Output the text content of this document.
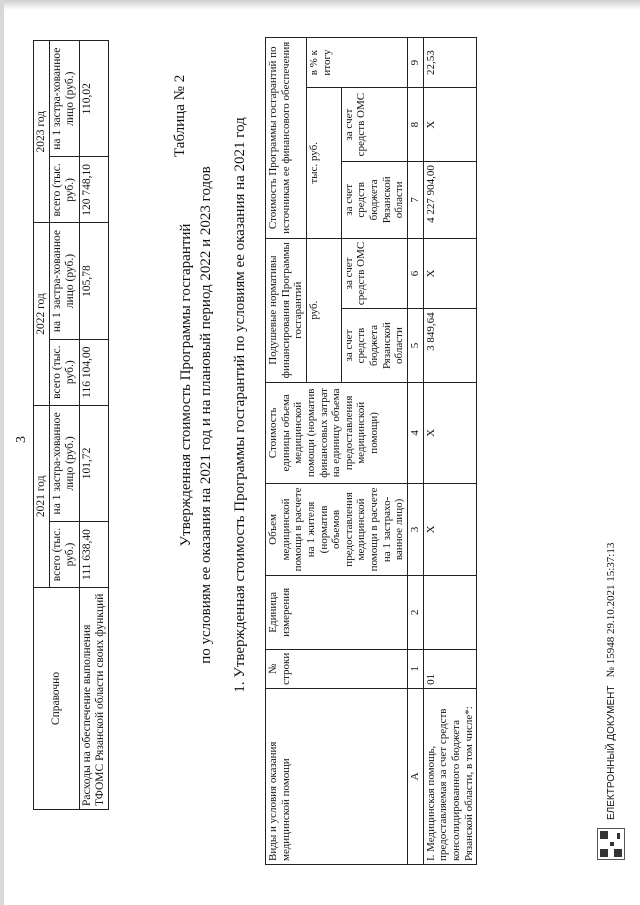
3
Справочно	2021 год		2022 год		2023 год	
	всего (тыс. руб.)	на 1 застра-хованное лицо (руб.)	всего (тыс. руб.)	на 1 застра-хованное лицо (руб.)	всего (тыс. руб.)	на 1 застра-хованное лицо (руб.)
Расходы на обеспечение выполнения ТФОМС Рязанской области своих функций	111 638,40	101,72	116 104,00	105,78	120 748,10	110,02	Таблица № 2
Утвержденная стоимость Программы госгарантий по условиям ее оказания на 2021 год и на плановый период 2022 и 2023 годов 1. Утвержденная стоимость Программы госгарантий по условиям ее оказания на 2021 год
Виды и условия оказания медицинской помощи	№ строки	Единица измерения	Объем медицинской помощи в расчете на 1 жителя (норматив объемов предоставления медицинской помощи в расчете на 1 застрахо-ванное лицо)	Стоимость единицы объема медицинской помощи (норматив финансовых затрат на единицу объема предоставления медицинской помощи)	Подушевые нормативы финансирования Программы госгарантий		Стоимость Программы госгарантий по источникам ее финансового обеспечения		
					руб.		тыс. руб.		в % к итогу
					за счет средств бюджета Рязанской области	за счет средств ОМС	за счет средств бюджета Рязанской области	за счет средств ОМС	

А	1	2	3	4	5	6	7	8	9
I. Медицинская помощь, предоставляемая за счет средств консолидированного бюджета Рязанской области, в том числе*:	01		Х	Х	3 849,64	Х	4 227 904,00	Х	22,53
ЕЛЕКТРОННЫЙ ДОКУМЕНТ
№ 15948 29.10.2021 15:37:13
